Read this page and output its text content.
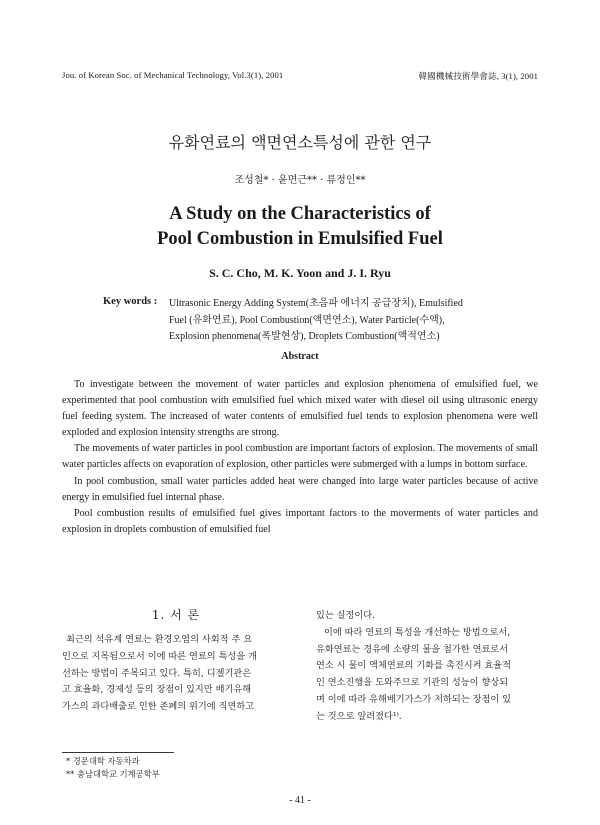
Jou. of Korean Soc. of Mechanical Technology, Vol.3(1), 2001	韓國機械技術學會誌, 3(1), 2001
유화연료의 액면연소특성에 관한 연구
조성철* · 윤면근** · 류정인**
A Study on the Characteristics of
Pool Combustion in Emulsified Fuel
S. C. Cho, M. K. Yoon and J. I. Ryu
Key words : Ultrasonic Energy Adding System(초음파 에너지 공급장치), Emulsified
Fuel (유화연료), Pool Combustion(액면연소), Water Particle(수액),
Explosion phenomena(폭발현상), Droplets Combustion(액적연소)
Abstract

To investigate between the movement of water particles and explosion phenomena of emulsified fuel, we experimented that pool combustion with emulsified fuel which mixed water with diesel oil using ultrasonic energy fuel feeding system. The increased of water contents of emulsified fuel tends to explosion phenomena were well exploded and explosion intensity strengths are strong.

The movements of water particles in pool combustion are important factors of explosion. The movements of small water particles affects on evaporation of explosion, other particles were submerged with a lumps in bottom surface.

In pool combustion, small water particles added heat were changed into large water particles because of active energy in emulsified fuel internal phase.

Pool combustion results of emulsified fuel gives important factors to the moverments of water particles and explosion in droplets combustion of emulsified fuel

1. 서 론
최근의 석유계 연료는 환경오염의 사회적 주 요
인으로 지목됨으로서 이에 따른 연료의 특성을 개
선하는 방법이 주목되고 있다. 특히, 디젤기관은
고 효율화, 경제성 등의 장점이 있지만 배기유해
가스의 과다배출로 인한 존폐의 위기에 직면하고
있는 실정이다.
이에 따라 연료의 특성을 개선하는 방법으로서,
유화연료는 경유에 소량의 물을 첨가한 연료로서
연소 시 물이 액체연료의 기화를 촉진시켜 효율적
인 연소진행을 도와주므로 기관의 성능이 향상되
며 이에 따라 유해배기가스가 저하되는 장점이 있
는 것으로 알려졌다¹⁾.
* 경문대학 자동차과
** 충남대학교 기계공학부
- 41 -
